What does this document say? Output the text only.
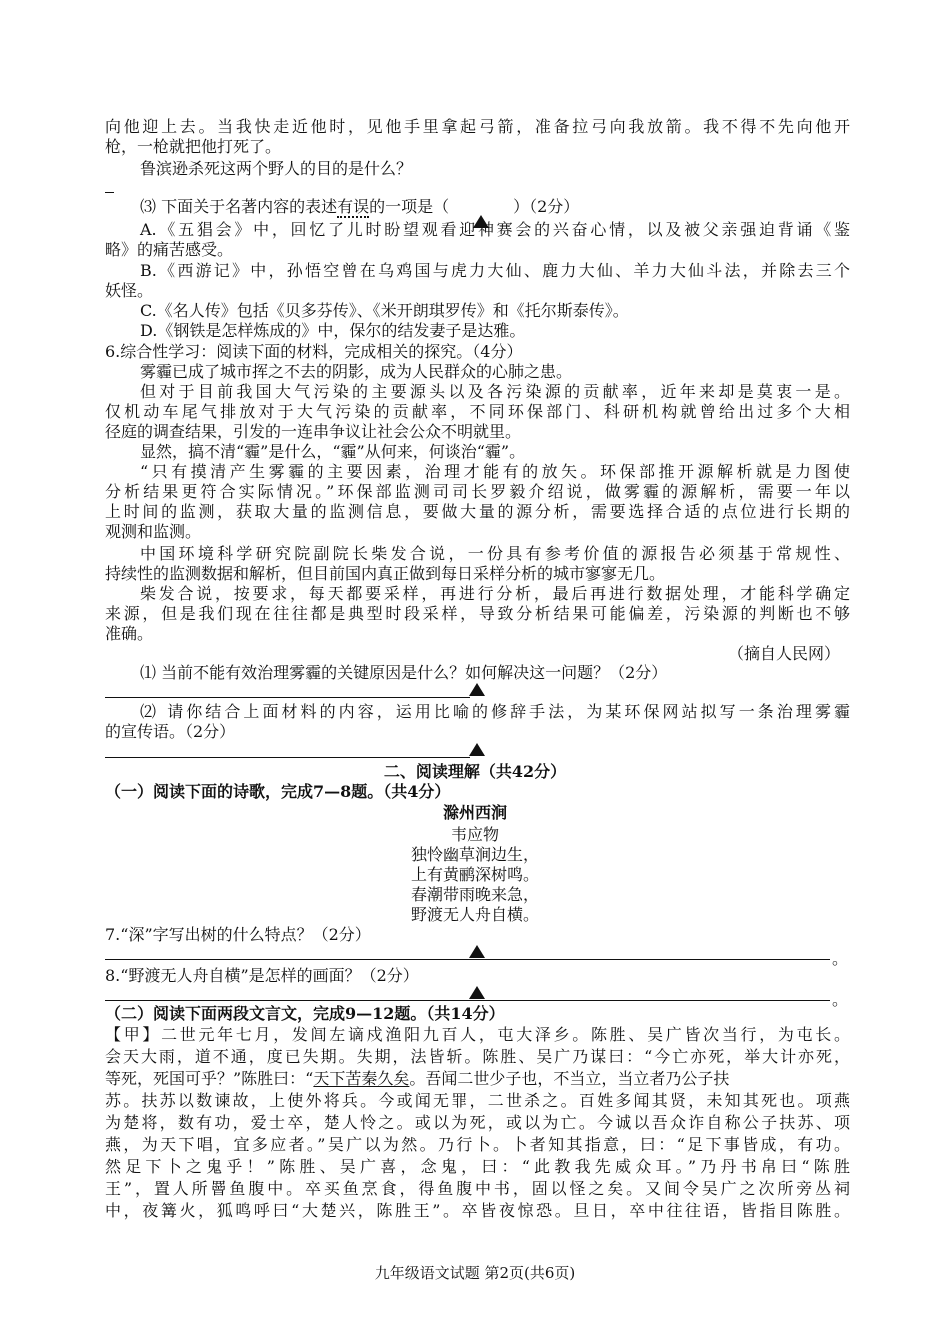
向他迎上去。当我快走近他时，见他手里拿起弓箭，准备拉弓向我放箭。我不得不先向他开
枪，一枪就把他打死了。
鲁滨逊杀死这两个野人的目的是什么？
⑶ 下面关于名著内容的表述有误的一项是（	）（2分）
A.《五猖会》中，回忆了儿时盼望观看迎神赛会的兴奋心情，以及被父亲强迫背诵《鉴
略》的痛苦感受。
B.《西游记》中，孙悟空曾在乌鸡国与虎力大仙、鹿力大仙、羊力大仙斗法，并除去三个
妖怪。
C.《名人传》包括《贝多芬传》、《米开朗琪罗传》和《托尔斯泰传》。
D.《钢铁是怎样炼成的》中，保尔的结发妻子是达雅。
6.综合性学习：阅读下面的材料，完成相关的探究。（4分）
雾霾已成了城市挥之不去的阴影，成为人民群众的心肺之患。
但对于目前我国大气污染的主要源头以及各污染源的贡献率，近年来却是莫衷一是。
仅机动车尾气排放对于大气污染的贡献率，不同环保部门、科研机构就曾给出过多个大相
径庭的调查结果，引发的一连串争议让社会公众不明就里。
显然，搞不清“霾”是什么，“霾”从何来，何谈治“霾”。
“只有摸清产生雾霾的主要因素，治理才能有的放矢。环保部推开源解析就是力图使
分析结果更符合实际情况。”环保部监测司司长罗毅介绍说，做雾霾的源解析，需要一年以
上时间的监测，获取大量的监测信息，要做大量的源分析，需要选择合适的点位进行长期的
观测和监测。
中国环境科学研究院副院长柴发合说，一份具有参考价值的源报告必须基于常规性、
持续性的监测数据和解析，但目前国内真正做到每日采样分析的城市寥寥无几。
柴发合说，按要求，每天都要采样，再进行分析，最后再进行数据处理，才能科学确定
来源，但是我们现在往往都是典型时段采样，导致分析结果可能偏差，污染源的判断也不够
准确。
（摘自人民网）
⑴ 当前不能有效治理雾霾的关键原因是什么？如何解决这一问题？（2分）
⑵ 请你结合上面材料的内容，运用比喻的修辞手法，为某环保网站拟写一条治理雾霾
的宣传语。（2分）
二、阅读理解（共42分）
（一）阅读下面的诗歌，完成7—8题。（共4分）
滁州西涧
韦应物
独怜幽草涧边生，
上有黄鹂深树鸣。
春潮带雨晚来急，
野渡无人舟自横。
7.“深”字写出树的什么特点？（2分）
。
8.“野渡无人舟自横”是怎样的画面？（2分）
。
（二）阅读下面两段文言文，完成9—12题。（共14分）
【甲】二世元年七月，发闾左谪戍渔阳九百人，屯大泽乡。陈胜、吴广皆次当行，为屯长。
会天大雨，道不通，度已失期。失期，法皆斩。陈胜、吴广乃谋曰：“今亡亦死，举大计亦死，
等死，死国可乎？”陈胜曰：“天下苦秦久矣。吾闻二世少子也，不当立，当立者乃公子扶
苏。扶苏以数谏故，上使外将兵。今或闻无罪，二世杀之。百姓多闻其贤，未知其死也。项燕
为楚将，数有功，爱士卒，楚人怜之。或以为死，或以为亡。今诚以吾众诈自称公子扶苏、项
燕，为天下唱，宜多应者。”吴广以为然。乃行卜。卜者知其指意，曰：“足下事皆成，有功。
然足下卜之鬼乎！”陈胜、吴广喜，念鬼，曰：“此教我先威众耳。”乃丹书帛曰“陈胜
王”，置人所罾鱼腹中。卒买鱼烹食，得鱼腹中书，固以怪之矣。又间令吴广之次所旁丛祠
中，夜篝火，狐鸣呼曰“大楚兴，陈胜王”。卒皆夜惊恐。旦日，卒中往往语，皆指目陈胜。
九年级语文试题 第2页(共6页)
